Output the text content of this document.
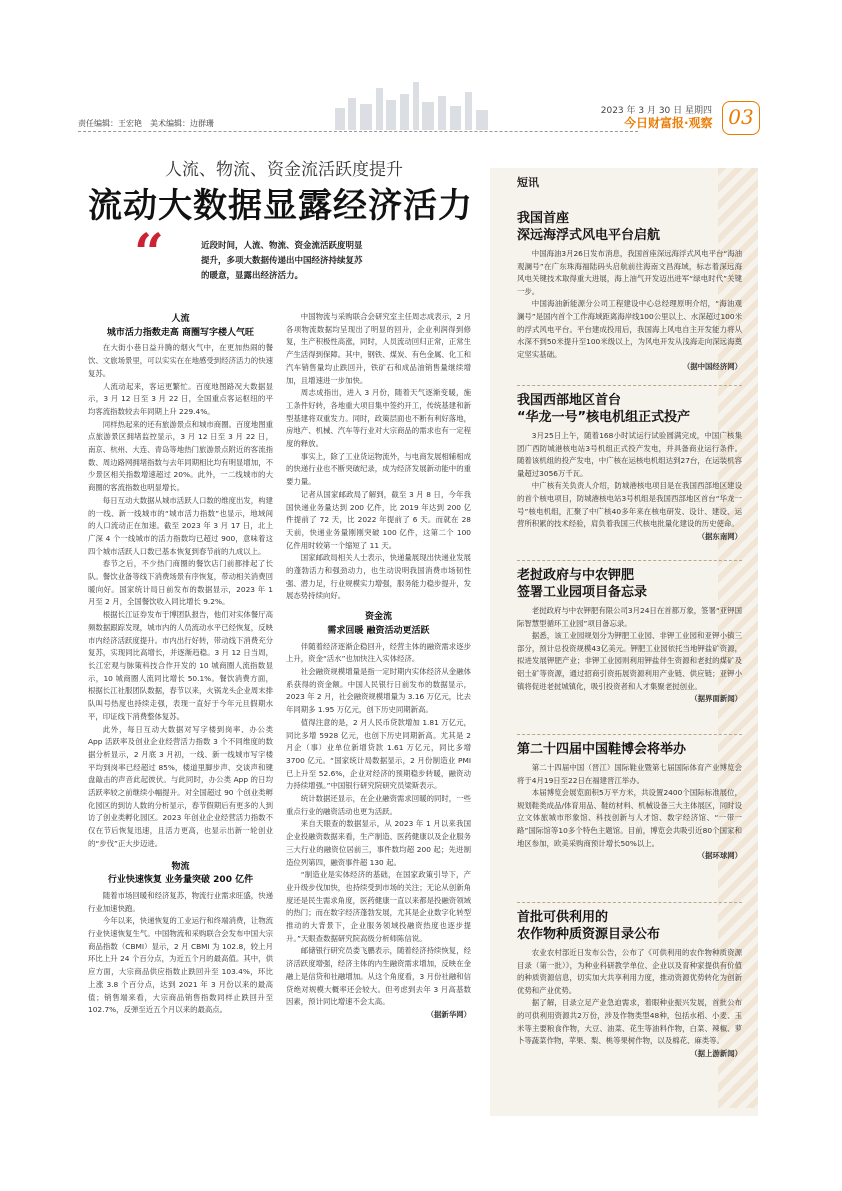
责任编辑：王宏艳　美术编辑：边群珊
2023 年 3 月 30 日 星期四
今日财富报·观察 03
人流、物流、资金流活跃度提升
流动大数据显露经济活力
“	近段时间，人流、物流、资金流活跃度明显提升，多项大数据传递出中国经济持续复苏的暖意，显露出经济活力。
人流
城市活力指数走高 商圈写字楼人气旺

在大街小巷日益升腾的烟火气中，在更加热闹的餐饮、文旅场景里，可以实实在在地感受到经济活力的快速复苏。

人流动起来，客运更繁忙。百度地图路况大数据显示，3 月 12 日至 3 月 22 日，全国重点客运枢纽的平均客流指数较去年同期上升 229.4%。

同样热起来的还有旅游景点和城市商圈。百度地图重点旅游景区拥堵监控显示，3 月 12 日至 3 月 22 日，南京、杭州、大连、青岛等地热门旅游景点附近的客流指数、周边路网拥堵指数与去年同期相比均有明显增加，不少景区相关指数增速超过 20%。此外，一二线城市的大商圈的客流指数也明显增长。

每日互动大数据从城市活跃人口数的维度出发，构建的一线、新一线城市的“城市活力指数”也显示，地域间的人口流动正在加速。截至 2023 年 3 月 17 日，北上广深 4 个一线城市的活力指数均已超过 900，意味着这四个城市活跃人口数已基本恢复到春节前的九成以上。

春节之后，不少热门商圈的餐饮店门前都排起了长队。餐饮业备等线下消费场景有序恢复，带动相关消费回暖向好。国家统计局日前发布的数据显示，2023 年 1 月至 2 月，全国餐饮收入同比增长 9.2%。

根据长江证券发布于博团队报告，他们对实体餐厅高频数据跟踪发现，城市内的人员流动水平已经恢复，反映市内经济活跃度提升。市内出行好转，带动线下消费充分复苏，实现同比高增长，并逐渐趋稳。3 月 12 日当周，长江宏观与脉策科技合作开发的 10 城商圈人流指数显示，10 城商圈人流同比增长 50.1%。餐饮消费方面，根据长江社服团队数据，春节以来，火锅龙头企业周末排队叫号热度也持续走强，表现一直好于今年元旦假期水平，印证线下消费整体复苏。

此外，每日互动大数据对写字楼到岗率、办公类 App 活跃率及创业企业经营活力指数 3 个不同维度的数据分析显示，2 月底 3 月初，一线、新一线城市写字楼平均到岗率已经超过 85%，楼道里脚步声、交谈声和键盘敲击的声音此起彼伏。与此同时，办公类 App 的日均活跃率较之前继续小幅提升。对全国超过 90 个创业类孵化园区的到访人数的分析显示，春节假期后有更多的人到访了创业类孵化园区。2023 年创业企业经营活力指数不仅在节后恢复迅速，且活力更高，也显示出新一轮创业的“步伐”正大步迈进。

物流
行业快速恢复 业务量突破 200 亿件

随着市场回暖和经济复苏，物流行业需求旺盛，快递行业加速快跑。

今年以来，快递恢复的工业运行和终端消费，让物流行业快速恢复生气。中国物流和采购联合会发布中国大宗商品指数（CBMI）显示，2 月 CBMI 为 102.8，较上月环比上升 24 个百分点，为近五个月的最高值。其中，供应方面，大宗商品供应指数止跌回升至 103.4%，环比上涨 3.8 个百分点，达到 2021 年 3 月份以来的最高值；销售端来看，大宗商品销售指数同样止跌回升至 102.7%，反弹至近五个月以来的最高点。

中国物流与采购联合会研究室主任周志成表示，2 月各项物流数据均呈现出了明显的回升，企业利润得到修复，生产积极性高涨，同时，人员流动回归正常，正常生产生活得到保障。其中，钢铁、煤炭、有色金属、化工和汽车销售量均止跌回升，铁矿石和成品油销售量继续增加，且增速进一步加快。

周志成指出，进入 3 月份，随着天气逐渐变暖，施工条件好转，各地重大项目集中签约开工，传统基建和新型基建将双重发力。同时，政策层面也不断有利好落地，房地产、机械、汽车等行业对大宗商品的需求也有一定程度的释放。

事实上，除了工业货运物流外，与电商发展相辅相成的快递行业也不断突破纪录，成为经济发展新动能中的重要力量。

记者从国家邮政局了解到，截至 3 月 8 日，今年我国快递业务量达到 200 亿件，比 2019 年达到 200 亿件提前了 72 天，比 2022 年提前了 6 天。而就在 28 天前，快递业务量刚刚突破 100 亿件，这第二个 100 亿件用时较第一个缩短了 11 天。

国家邮政局相关人士表示，快递量展现出快递业发展的蓬勃活力和强劲动力，也生动说明我国消费市场韧性强、潜力足，行业规模实力增强，服务能力稳步提升，发展态势持续向好。

资金流
需求回暖 融资活动更活跃

伴随着经济逐渐企稳回升，经营主体的融资需求逐步上升，资金“活水”也加快注入实体经济。

社会融资规模增量是指一定时期内实体经济从金融体系获得的资金额。中国人民银行日前发布的数据显示，2023 年 2 月，社会融资规模增量为 3.16 万亿元，比去年同期多 1.95 万亿元，创下历史同期新高。

值得注意的是，2 月人民币贷款增加 1.81 万亿元，同比多增 5928 亿元，也创下历史同期新高。尤其是 2 月企（事）业单位新增贷款 1.61 万亿元，同比多增 3700 亿元。“国家统计局数据显示，2 月份制造业 PMI 已上升至 52.6%，企业对经济的预期稳步转暖，融资动力持续增强。”中国银行研究院研究员梁斯表示。

统计数据还显示，在企业融资需求回暖的同时，一些重点行业的融资活动也更为活跃。

来自天眼查的数据显示，从 2023 年 1 月以来我国企业投融资数据来看，生产制造、医药健康以及企业服务三大行业的融资位居前三，事件数均超 200 起；先进制造位列第四，融资事件超 130 起。

“制造业是实体经济的基础，在国家政策引导下，产业升级步伐加快，也持续受到市场的关注；无论从创新角度还是民生需求角度，医药健康一直以来都是投融资领域的热门；而在数字经济蓬勃发展，尤其是企业数字化转型推动的大背景下，企业服务领域投融资热度也逐步提升。”天眼查数据研究院高级分析师陈信说。

邮储银行研究员娄飞鹏表示，随着经济持续恢复，经济活跃度增强，经济主体的内生融资需求增加，反映在金融上是信贷和社融增加。从这个角度看，3 月份社融和信贷绝对规模大概率还会较大。但考虑到去年 3 月高基数因素，预计同比增速不会太高。

（据新华网）
短讯
我国首座
深远海浮式风电平台启航

中国海油3月26日发布消息，我国首座深远海浮式风电平台“海油观澜号”在广东珠海福陆码头启航前往海南文昌海域，标志着深远海风电关键技术取得重大进展，海上油气开发迈出进军“绿电时代”关键一步。

中国海油新能源分公司工程建设中心总经理原明介绍，“海油观澜号”是国内首个工作海域距离海岸线100公里以上、水深超过100米的浮式风电平台。平台建成投用后，我国海上风电自主开发能力将从水深不到50米提升至100米级以上，为风电开发从浅海走向深远海奠定坚实基础。

（据中国经济网）
我国西部地区首台
“华龙一号”核电机组正式投产

3月25日上午，随着168小时试运行试验圆满完成，中国广核集团广西防城港核电站3号机组正式投产发电，并具备商业运行条件。随着该机组的投产发电，中广核在运核电机组达到27台，在运装机容量超过3056万千瓦。

中广核有关负责人介绍，防城港核电项目是在我国西部地区建设的首个核电项目，防城港核电站3号机组是我国西部地区首台“华龙一号”核电机组，汇聚了中广核40多年来在核电研发、设计、建设、运营所积累的技术经验，肩负着我国三代核电批量化建设的历史使命。

（据东南网）
老挝政府与中农钾肥
签署工业园项目备忘录

老挝政府与中农钾肥有限公司3月24日在首都万象，签署“亚钾国际智慧型循环工业园”项目备忘录。

据悉，该工业园规划分为钾肥工业园、非钾工业园和亚钾小镇三部分，预计总投资规模43亿美元。钾肥工业园依托当地钾盐矿资源，拟进发展钾肥产业；非钾工业园则利用钾盐伴生资源和老挝的煤矿及铝土矿等资源，通过招商引资拓展资源利用产业链、供应链；亚钾小镇将促进老挝城镇化，吸引投资者和人才集聚老挝创业。

（据界面新闻）
第二十四届中国鞋博会将举办

第二十四届中国（晋江）国际鞋业暨第七届国际体育产业博览会将于4月19日至22日在福建晋江举办。

本届博览会展览面积5万平方米，共设置2400个国际标准展位，规划鞋类成品/体育用品、鞋纺材料、机械设备三大主体展区，同时设立文体旅城市形象馆、科技创新与人才馆、数字经济馆、“一带一路”国际馆等10多个特色主题馆。目前，博览会共吸引近80个国家和地区参加，欧美采购商预计增长50%以上。

（据环球网）
首批可供利用的
农作物种质资源目录公布

农业农村部近日发布公告，公布了《可供利用的农作物种质资源目录（第一批）》，为种业科研教学单位、企业以及育种家提供有价值的种质资源信息，切实加大共享利用力度，推动资源优势转化为创新优势和产业优势。

据了解，目录立足产业急迫需求，着眼种业振兴发展，首批公布的可供利用资源共2万份，涉及作物类型48种，包括水稻、小麦、玉米等主要粮食作物，大豆、油菜、花生等油料作物，白菜、辣椒、萝卜等蔬菜作物，苹果、梨、桃等果树作物，以及棉花、麻类等。

（据上游新闻）
